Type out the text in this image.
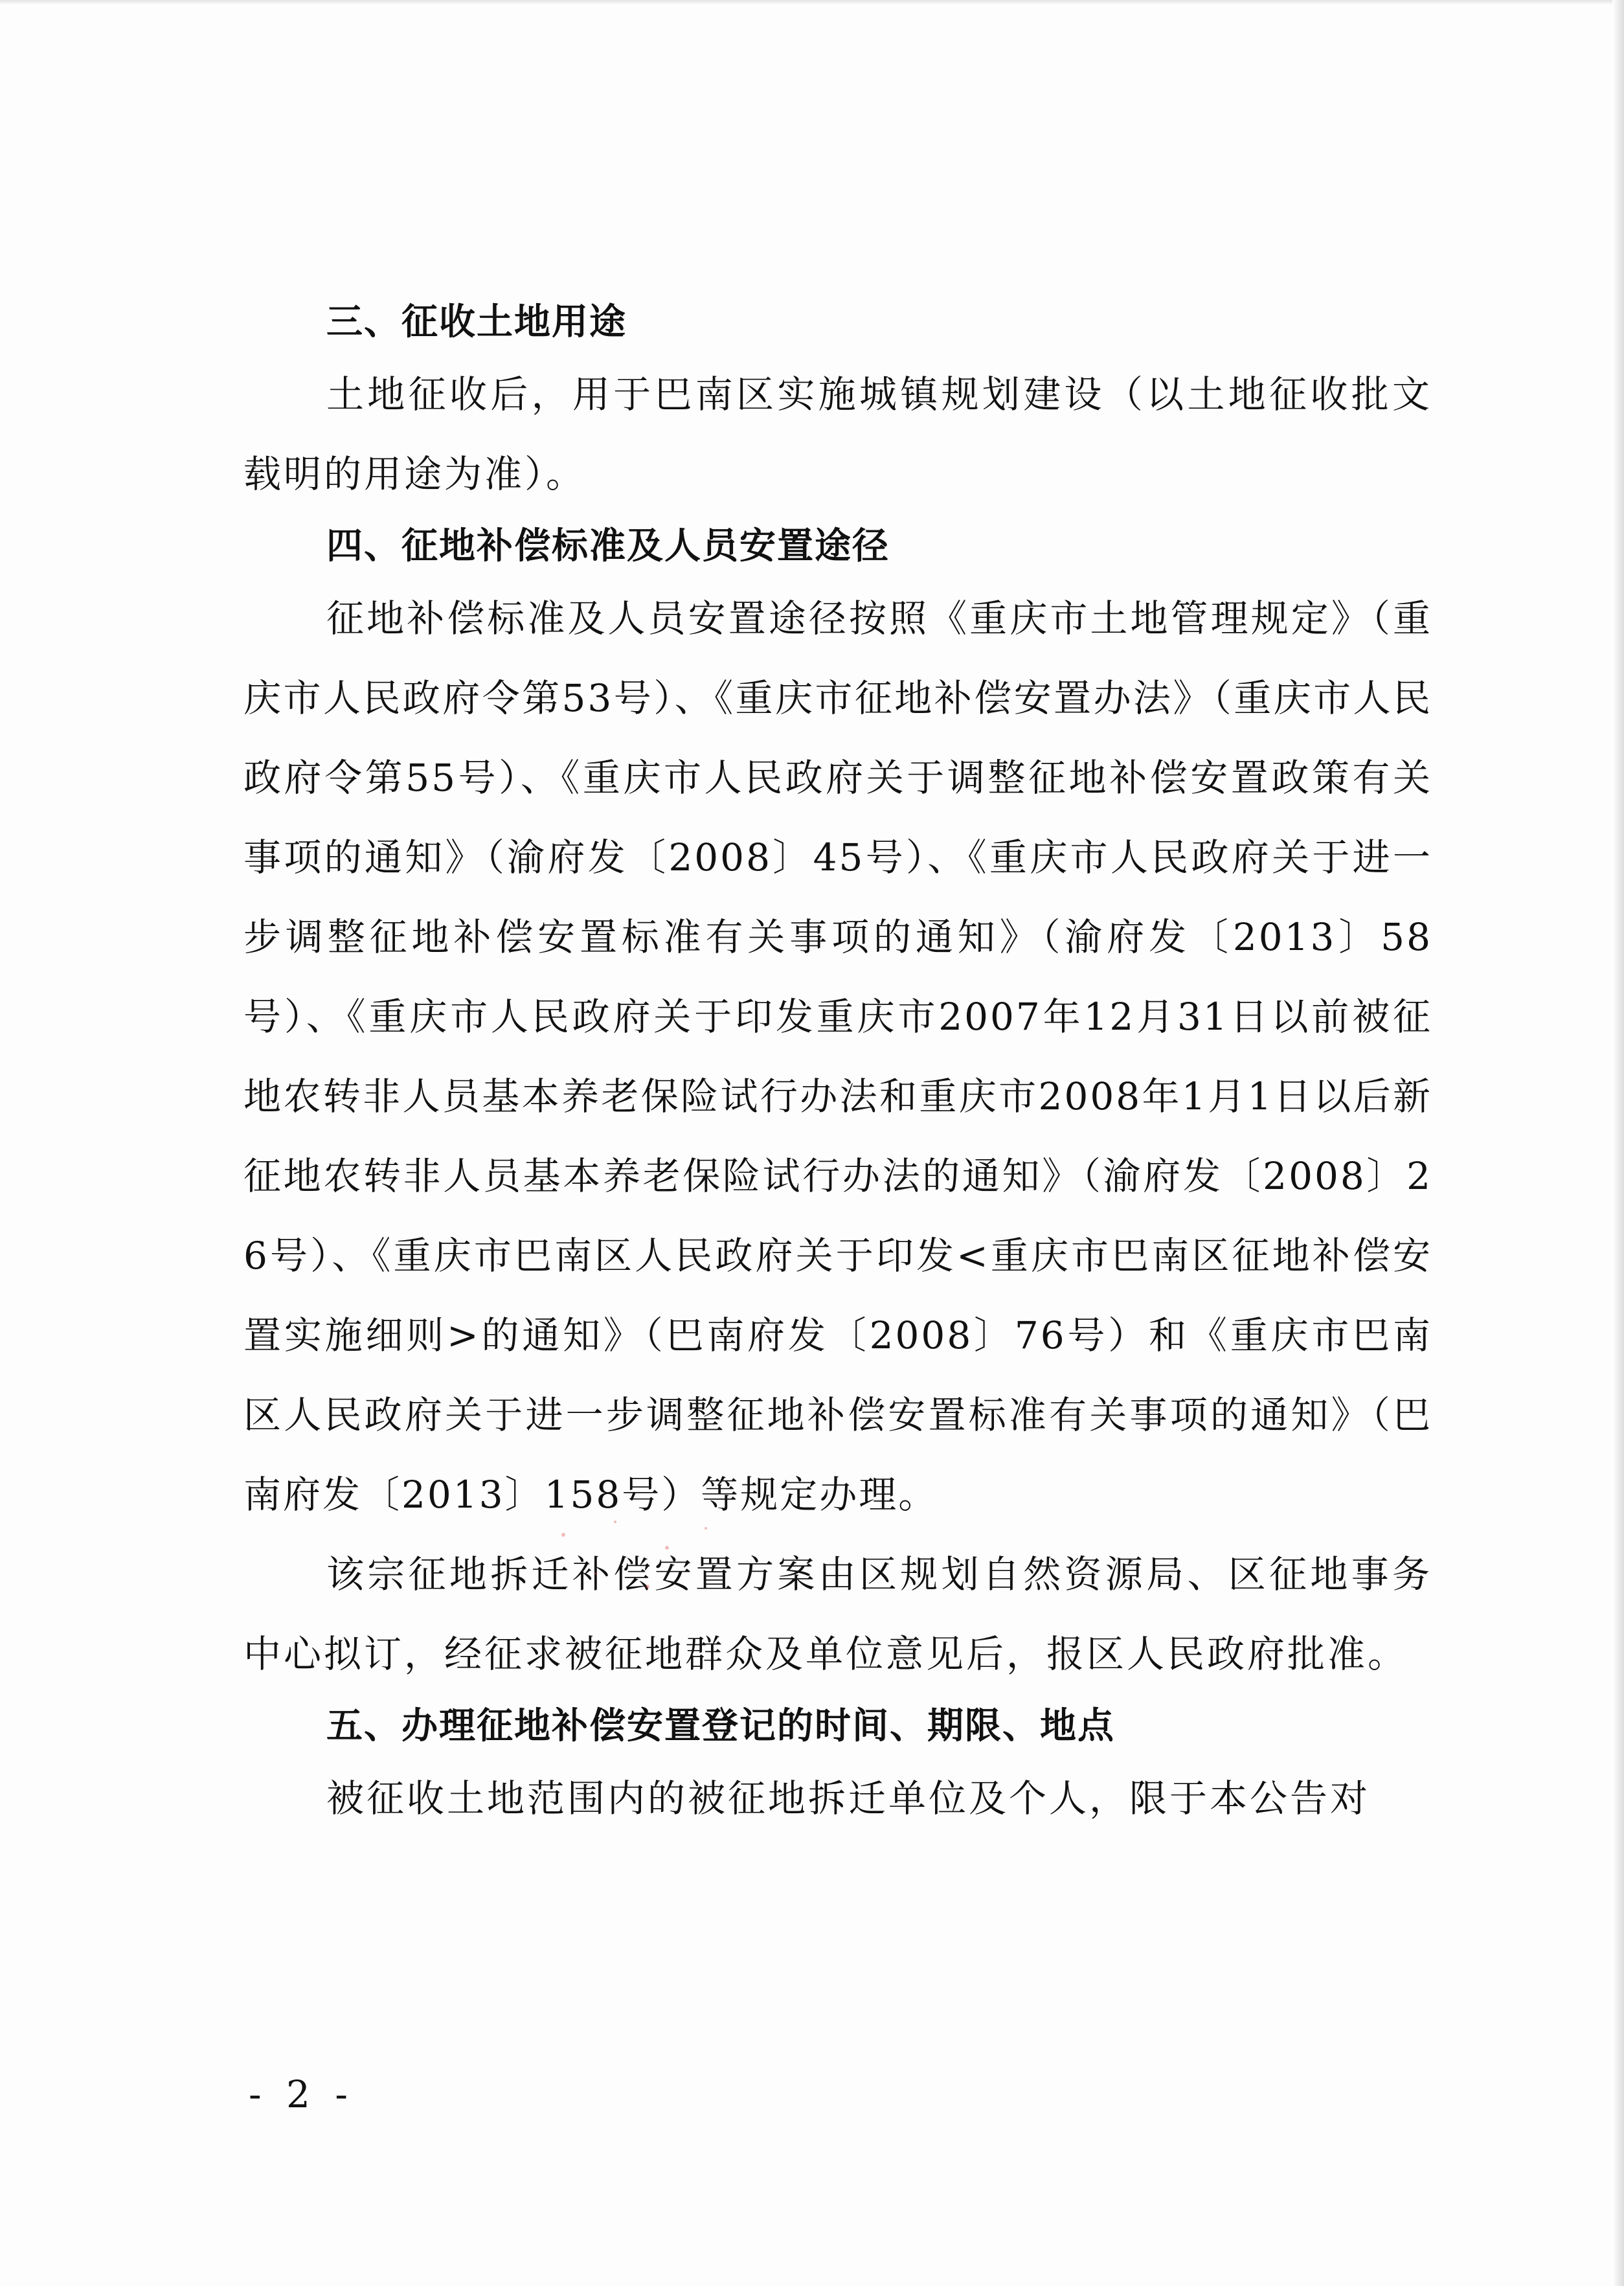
三、征收土地用途

土地征收后，用于巴南区实施城镇规划建设（以土地征收批文载明的用途为准）。

四、征地补偿标准及人员安置途径

征地补偿标准及人员安置途径按照《重庆市土地管理规定》（重庆市人民政府令第53号）、《重庆市征地补偿安置办法》（重庆市人民政府令第55号）、《重庆市人民政府关于调整征地补偿安置政策有关事项的通知》（渝府发〔2008〕45号）、《重庆市人民政府关于进一步调整征地补偿安置标准有关事项的通知》（渝府发〔2013〕58号）、《重庆市人民政府关于印发重庆市2007年12月31日以前被征地农转非人员基本养老保险试行办法和重庆市2008年1月1日以后新征地农转非人员基本养老保险试行办法的通知》（渝府发〔2008〕26号）、《重庆市巴南区人民政府关于印发<重庆市巴南区征地补偿安置实施细则>的通知》（巴南府发〔2008〕76号）和《重庆市巴南区人民政府关于进一步调整征地补偿安置标准有关事项的通知》（巴南府发〔2013〕158号）等规定办理。

该宗征地拆迁补偿安置方案由区规划自然资源局、区征地事务中心拟订，经征求被征地群众及单位意见后，报区人民政府批准。

五、办理征地补偿安置登记的时间、期限、地点

被征收土地范围内的被征地拆迁单位及个人，限于本公告对

- 2 -
